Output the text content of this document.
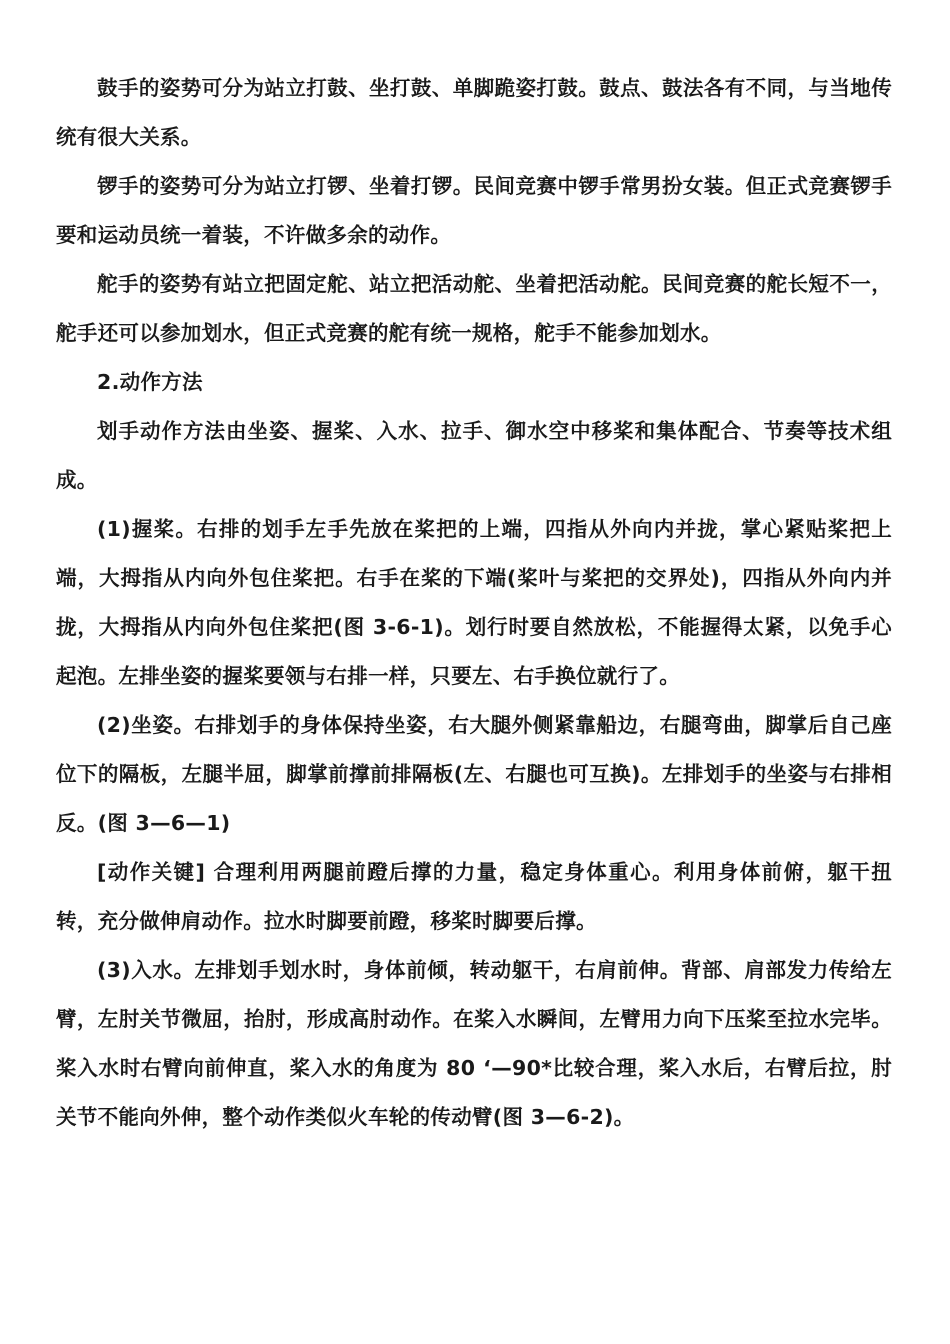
鼓手的姿势可分为站立打鼓、坐打鼓、单脚跪姿打鼓。鼓点、鼓法各有不同，与当地传统有很大关系。

锣手的姿势可分为站立打锣、坐着打锣。民间竞赛中锣手常男扮女装。但正式竞赛锣手要和运动员统一着装，不许做多余的动作。

舵手的姿势有站立把固定舵、站立把活动舵、坐着把活动舵。民间竞赛的舵长短不一，舵手还可以参加划水，但正式竞赛的舵有统一规格，舵手不能参加划水。

2.动作方法

划手动作方法由坐姿、握桨、入水、拉手、御水空中移桨和集体配合、节奏等技术组成。

(1)握桨。右排的划手左手先放在桨把的上端，四指从外向内并拢，掌心紧贴桨把上端，大拇指从内向外包住桨把。右手在桨的下端(桨叶与桨把的交界处)，四指从外向内并拢，大拇指从内向外包住桨把(图 3-6-1)。划行时要自然放松，不能握得太紧，以免手心起泡。左排坐姿的握桨要领与右排一样，只要左、右手换位就行了。

(2)坐姿。右排划手的身体保持坐姿，右大腿外侧紧靠船边，右腿弯曲，脚掌后自己座位下的隔板，左腿半屈，脚掌前撑前排隔板(左、右腿也可互换)。左排划手的坐姿与右排相反。(图 3—6—1)

[动作关键] 合理利用两腿前蹬后撑的力量，稳定身体重心。利用身体前俯，躯干扭转，充分做伸肩动作。拉水时脚要前蹬，移桨时脚要后撑。

(3)入水。左排划手划水时，身体前倾，转动躯干，右肩前伸。背部、肩部发力传给左臂，左肘关节微屈，抬肘，形成高肘动作。在桨入水瞬间，左臂用力向下压桨至拉水完毕。桨入水时右臂向前伸直，桨入水的角度为 80 ‘—90*比较合理，桨入水后，右臂后拉，肘关节不能向外伸，整个动作类似火车轮的传动臂(图 3—6-2)。
